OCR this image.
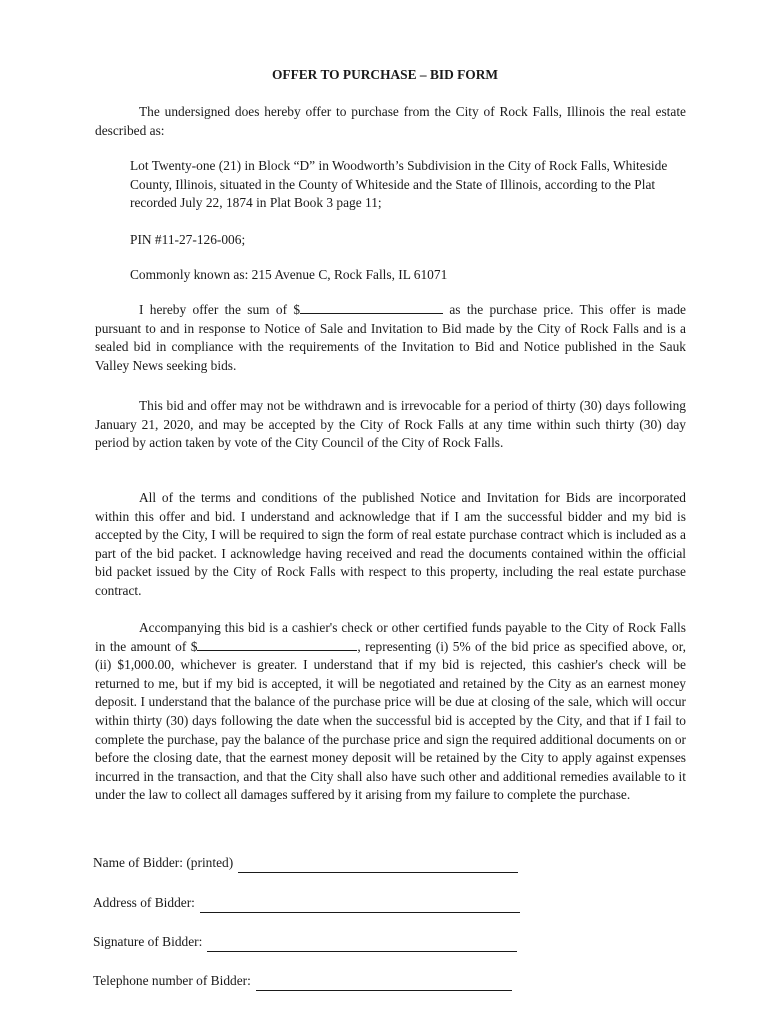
OFFER TO PURCHASE – BID FORM

The undersigned does hereby offer to purchase from the City of Rock Falls, Illinois the real estate described as:

Lot Twenty-one (21) in Block “D” in Woodworth’s Subdivision in the City of Rock Falls, Whiteside County, Illinois, situated in the County of Whiteside and the State of Illinois, according to the Plat recorded July 22, 1874 in Plat Book 3 page 11;

PIN #11-27-126-006;

Commonly known as: 215 Avenue C, Rock Falls, IL 61071

I hereby offer the sum of $	as the purchase price. This offer is made pursuant to and in response to Notice of Sale and Invitation to Bid made by the City of Rock Falls and is a sealed bid in compliance with the requirements of the Invitation to Bid and Notice published in the Sauk Valley News seeking bids.

This bid and offer may not be withdrawn and is irrevocable for a period of thirty (30) days following January 21, 2020, and may be accepted by the City of Rock Falls at any time within such thirty (30) day period by action taken by vote of the City Council of the City of Rock Falls.

All of the terms and conditions of the published Notice and Invitation for Bids are incorporated within this offer and bid. I understand and acknowledge that if I am the successful bidder and my bid is accepted by the City, I will be required to sign the form of real estate purchase contract which is included as a part of the bid packet. I acknowledge having received and read the documents contained within the official bid packet issued by the City of Rock Falls with respect to this property, including the real estate purchase contract.

Accompanying this bid is a cashier's check or other certified funds payable to the City of Rock Falls in the amount of $	, representing (i) 5% of the bid price as specified above, or, (ii) $1,000.00, whichever is greater. I understand that if my bid is rejected, this cashier's check will be returned to me, but if my bid is accepted, it will be negotiated and retained by the City as an earnest money deposit. I understand that the balance of the purchase price will be due at closing of the sale, which will occur within thirty (30) days following the date when the successful bid is accepted by the City, and that if I fail to complete the purchase, pay the balance of the purchase price and sign the required additional documents on or before the closing date, that the earnest money deposit will be retained by the City to apply against expenses incurred in the transaction, and that the City shall also have such other and additional remedies available to it under the law to collect all damages suffered by it arising from my failure to complete the purchase.

Name of Bidder: (printed)
Address of Bidder:
Signature of Bidder:
Telephone number of Bidder:
